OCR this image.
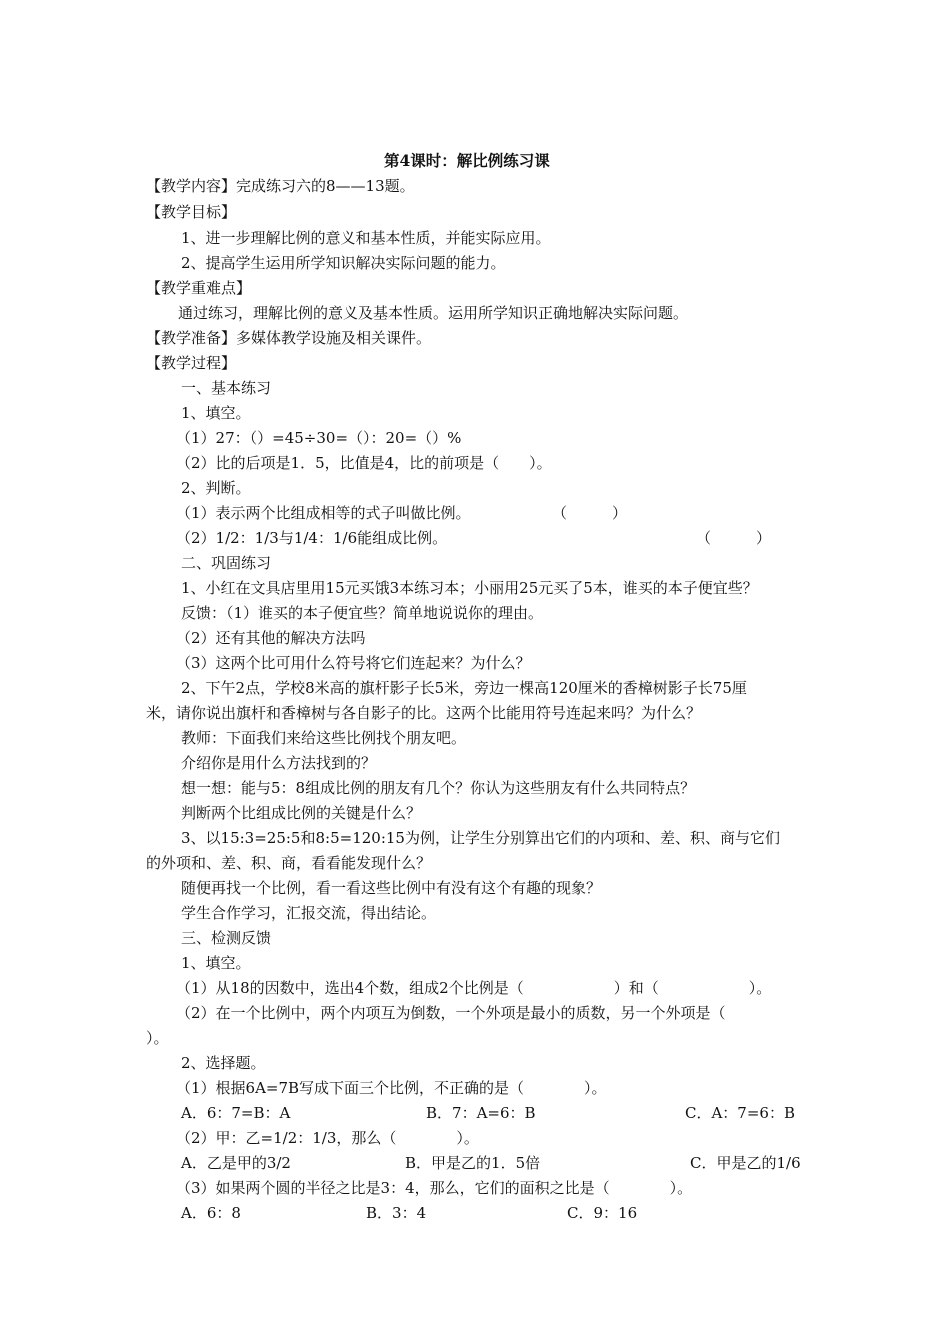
第4课时：解比例练习课
【教学内容】完成练习六的8——13题。
【教学目标】
1、进一步理解比例的意义和基本性质，并能实际应用。
2、提高学生运用所学知识解决实际问题的能力。
【教学重难点】
通过练习，理解比例的意义及基本性质。运用所学知识正确地解决实际问题。
【教学准备】多媒体教学设施及相关课件。
【教学过程】
一、基本练习
1、填空。
（1）27：（）=45÷30=（）：20=（）%
（2）比的后项是1．5，比值是4，比的前项是（　　）。
2、判断。
（1）表示两个比组成相等的式子叫做比例。	（　　　）
（2）1/2：1/3与1/4：1/6能组成比例。	（　　　）
二、巩固练习
1、小红在文具店里用15元买饿3本练习本；小丽用25元买了5本，谁买的本子便宜些？
反馈：（1）谁买的本子便宜些？简单地说说你的理由。
（2）还有其他的解决方法吗
（3）这两个比可用什么符号将它们连起来？为什么？
2、下午2点，学校8米高的旗杆影子长5米，旁边一棵高120厘米的香樟树影子长75厘
米，请你说出旗杆和香樟树与各自影子的比。这两个比能用符号连起来吗？为什么？
教师：下面我们来给这些比例找个朋友吧。
介绍你是用什么方法找到的？
想一想：能与5：8组成比例的朋友有几个？你认为这些朋友有什么共同特点？
判断两个比组成比例的关键是什么？
3、以15:3=25:5和8:5=120:15为例，让学生分别算出它们的内项和、差、积、商与它们
的外项和、差、积、商，看看能发现什么？
随便再找一个比例，看一看这些比例中有没有这个有趣的现象？
学生合作学习，汇报交流，得出结论。
三、检测反馈
1、填空。
（1）从18的因数中，选出4个数，组成2个比例是（　　　　　　）和（　　　　　　）。
（2）在一个比例中，两个内项互为倒数，一个外项是最小的质数，另一个外项是（
）。
2、选择题。
（1）根据6A=7B写成下面三个比例，不正确的是（　　　　）。
A．6：7=B：A	B．7：A=6：B	C．A：7=6：B
（2）甲：乙=1/2：1/3，那么（　　　　）。
A．乙是甲的3/2	B．甲是乙的1．5倍	C．甲是乙的1/6
（3）如果两个圆的半径之比是3：4，那么，它们的面积之比是（　　　　）。
A．6：8	B．3：4	C．9：16
